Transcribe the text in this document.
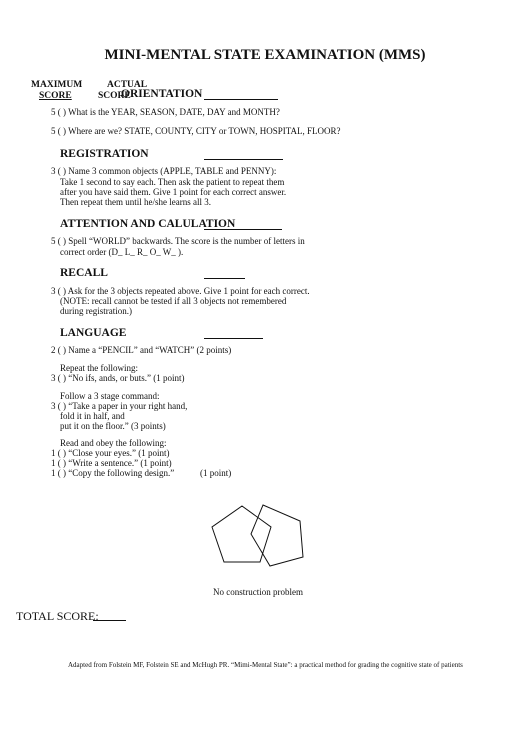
MINI-MENTAL STATE EXAMINATION (MMS)
MAXIMUM	ACTUAL
SCORE	SCORE
ORIENTATION
5 ( ) What is the YEAR, SEASON, DATE, DAY and MONTH?
5 ( ) Where are we? STATE, COUNTY, CITY or TOWN, HOSPITAL, FLOOR?
REGISTRATION
3 ( ) Name 3 common objects (APPLE, TABLE and PENNY):
Take 1 second to say each. Then ask the patient to repeat them
after you have said them. Give 1 point for each correct answer.
Then repeat them until he/she learns all 3.
ATTENTION AND CALULATION
5 ( ) Spell “WORLD” backwards. The score is the number of letters in
correct order (D_ L_ R_ O_ W_ ).
RECALL
3 ( ) Ask for the 3 objects repeated above. Give 1 point for each correct.
(NOTE: recall cannot be tested if all 3 objects not remembered
during registration.)
LANGUAGE
2 ( ) Name a “PENCIL” and “WATCH” (2 points)
Repeat the following:
3 ( ) “No ifs, ands, or buts.” (1 point)
Follow a 3 stage command:
3 ( ) “Take a paper in your right hand,
fold it in half, and
put it on the floor.” (3 points)
Read and obey the following:
1 ( ) “Close your eyes.” (1 point)
1 ( ) “Write a sentence.” (1 point)
1 ( ) “Copy the following design.”	(1 point)
No construction problem
TOTAL SCORE:
Adapted from Folstein MF, Folstein SE and McHugh PR. “Mimi-Mental State”: a practical method for grading the cognitive state of patients
